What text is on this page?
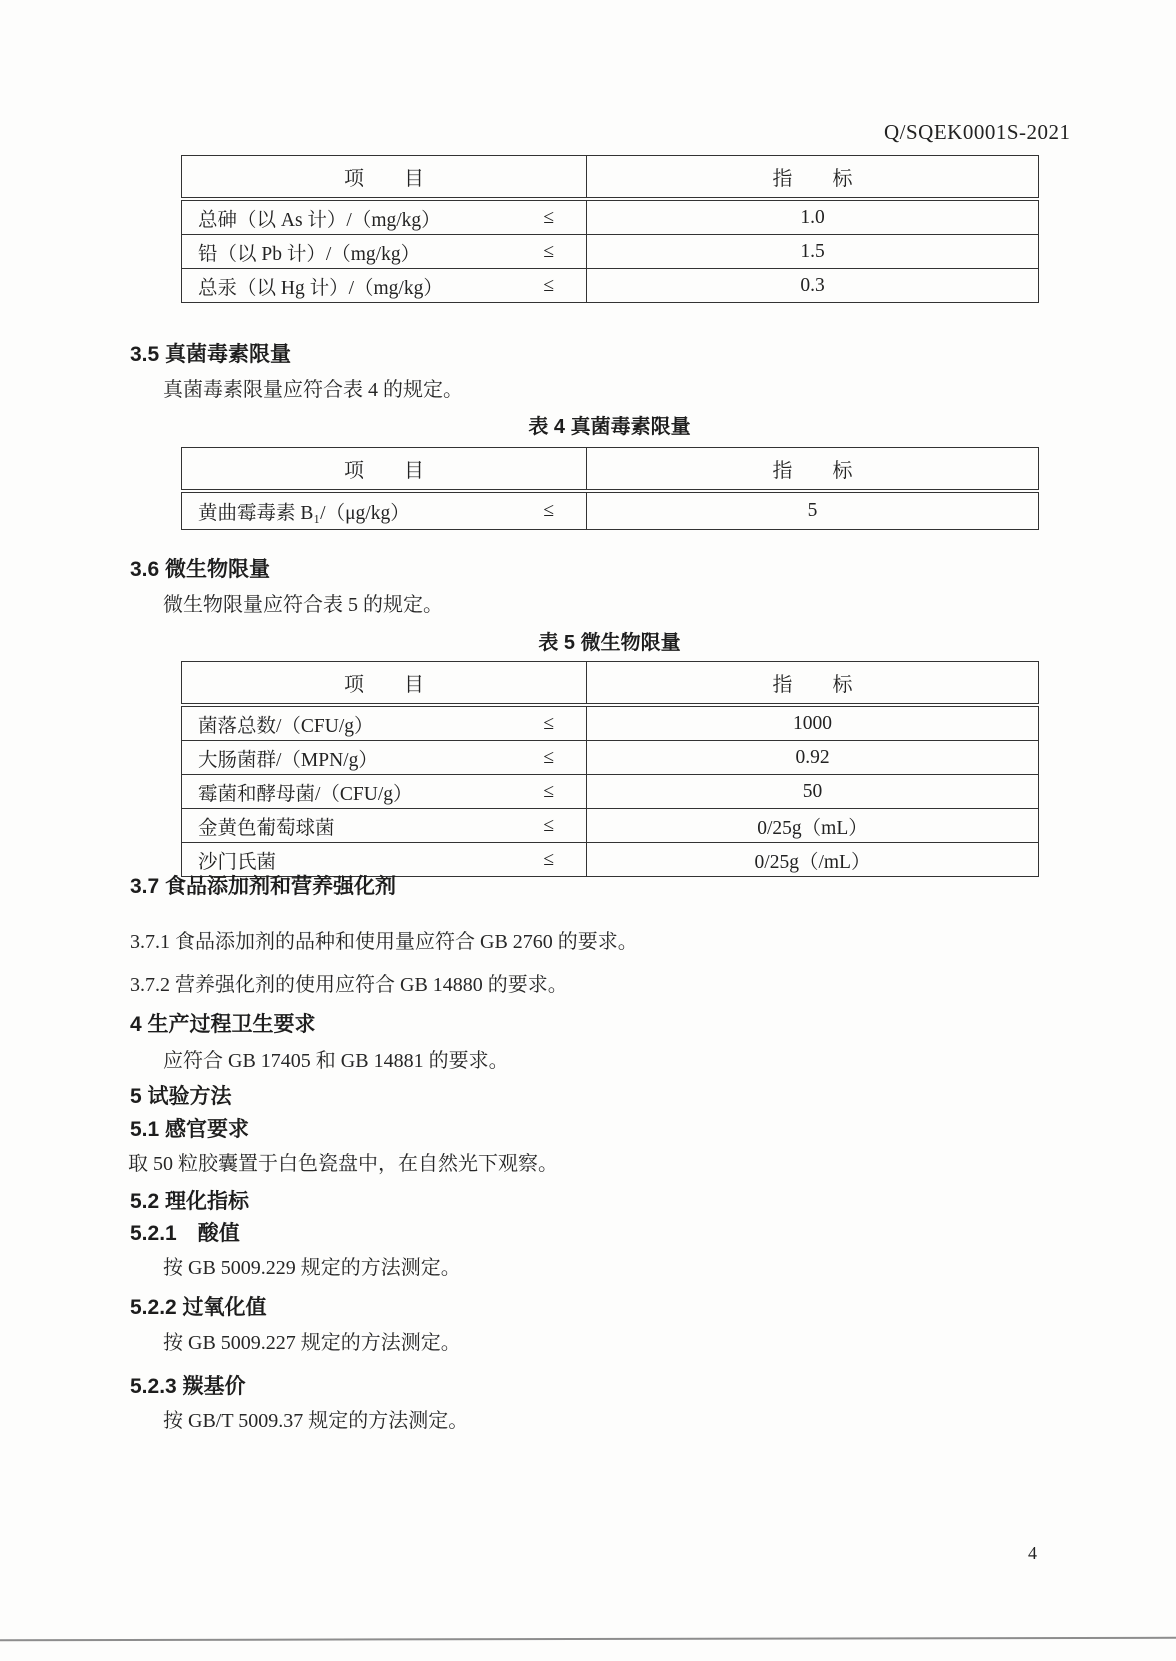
Q/SQEK0001S-2021
项　　目	指　　标

总砷（以 As 计）/（mg/kg） ≤	1.0

铅（以 Pb 计）/（mg/kg） ≤	1.5

总汞（以 Hg 计）/（mg/kg） ≤	0.3
3.5 真菌毒素限量
真菌毒素限量应符合表 4 的规定。
表 4 真菌毒素限量
项　　目	指　　标

黄曲霉毒素 B₁/（μg/kg） ≤	5
3.6 微生物限量
微生物限量应符合表 5 的规定。
表 5 微生物限量
项　　目	指　　标

菌落总数/（CFU/g） ≤	1000

大肠菌群/（MPN/g） ≤	0.92

霉菌和酵母菌/（CFU/g） ≤	50

金黄色葡萄球菌 ≤	0/25g（mL）

沙门氏菌 ≤	0/25g（/mL）
3.7 食品添加剂和营养强化剂
3.7.1 食品添加剂的品种和使用量应符合 GB 2760 的要求。
3.7.2 营养强化剂的使用应符合 GB 14880 的要求。
4 生产过程卫生要求
应符合 GB 17405 和 GB 14881 的要求。
5 试验方法
5.1 感官要求
取 50 粒胶囊置于白色瓷盘中，在自然光下观察。
5.2 理化指标
5.2.1　酸值
按 GB 5009.229 规定的方法测定。
5.2.2 过氧化值
按 GB 5009.227 规定的方法测定。
5.2.3 羰基价
按 GB/T 5009.37 规定的方法测定。
4
